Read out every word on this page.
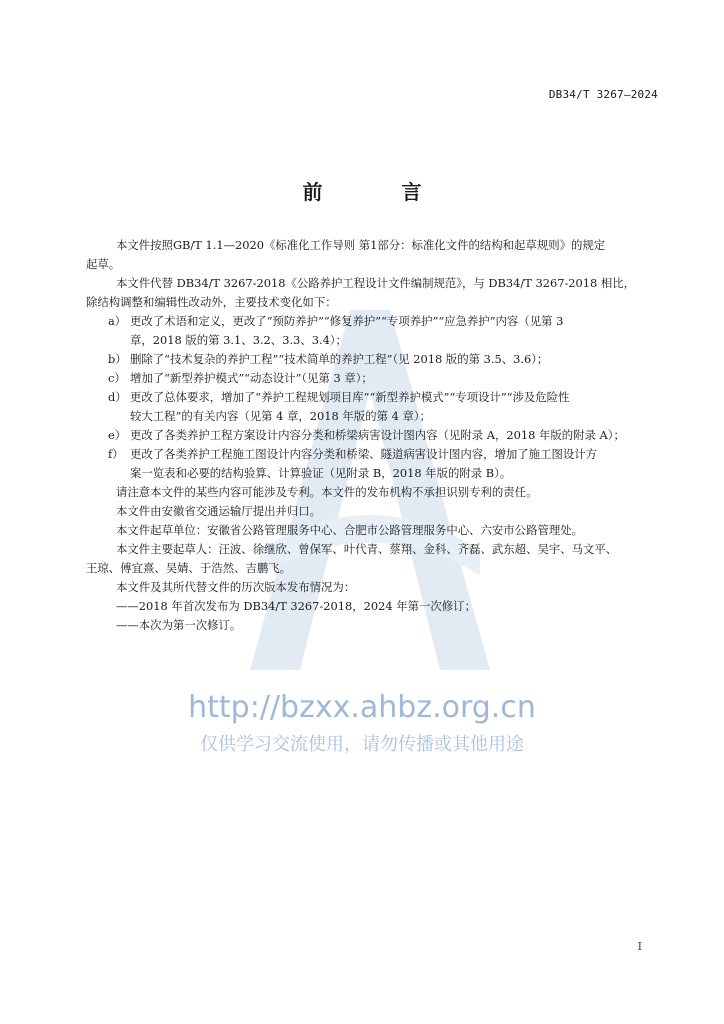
DB34/T 3267—2024
前 言
本文件按照GB/T 1.1—2020《标准化工作导则 第1部分：标准化文件的结构和起草规则》的规定
起草。
本文件代替 DB34/T 3267-2018《公路养护工程设计文件编制规范》，与 DB34/T 3267-2018 相比，
除结构调整和编辑性改动外，主要技术变化如下：
a） 更改了术语和定义，更改了“预防养护”“修复养护”“专项养护”“应急养护”内容（见第 3
章，2018 版的第 3.1、3.2、3.3、3.4）；
b） 删除了“技术复杂的养护工程”“技术简单的养护工程”（见 2018 版的第 3.5、3.6）；
c） 增加了“新型养护模式”“动态设计”（见第 3 章）；
d） 更改了总体要求，增加了“养护工程规划项目库”“新型养护模式”“专项设计”“涉及危险性
较大工程”的有关内容（见第 4 章，2018 年版的第 4 章）；
e） 更改了各类养护工程方案设计内容分类和桥梁病害设计图内容（见附录 A，2018 年版的附录 A）；
f） 更改了各类养护工程施工图设计内容分类和桥梁、隧道病害设计图内容，增加了施工图设计方
案一览表和必要的结构验算、计算验证（见附录 B，2018 年版的附录 B）。
请注意本文件的某些内容可能涉及专利。本文件的发布机构不承担识别专利的责任。
本文件由安徽省交通运输厅提出并归口。
本文件起草单位：安徽省公路管理服务中心、合肥市公路管理服务中心、六安市公路管理处。
本文件主要起草人：汪波、徐继欣、曾保军、叶代青、蔡翔、金科、齐磊、武东超、吴宇、马文平、
王琼、傅宜熹、吴婧、于浩然、吉鹏飞。
本文件及其所代替文件的历次版本发布情况为：
——2018 年首次发布为 DB34/T 3267-2018，2024 年第一次修订；
——本次为第一次修订。
http://bzxx.ahbz.org.cn
仅供学习交流使用，请勿传播或其他用途
I
